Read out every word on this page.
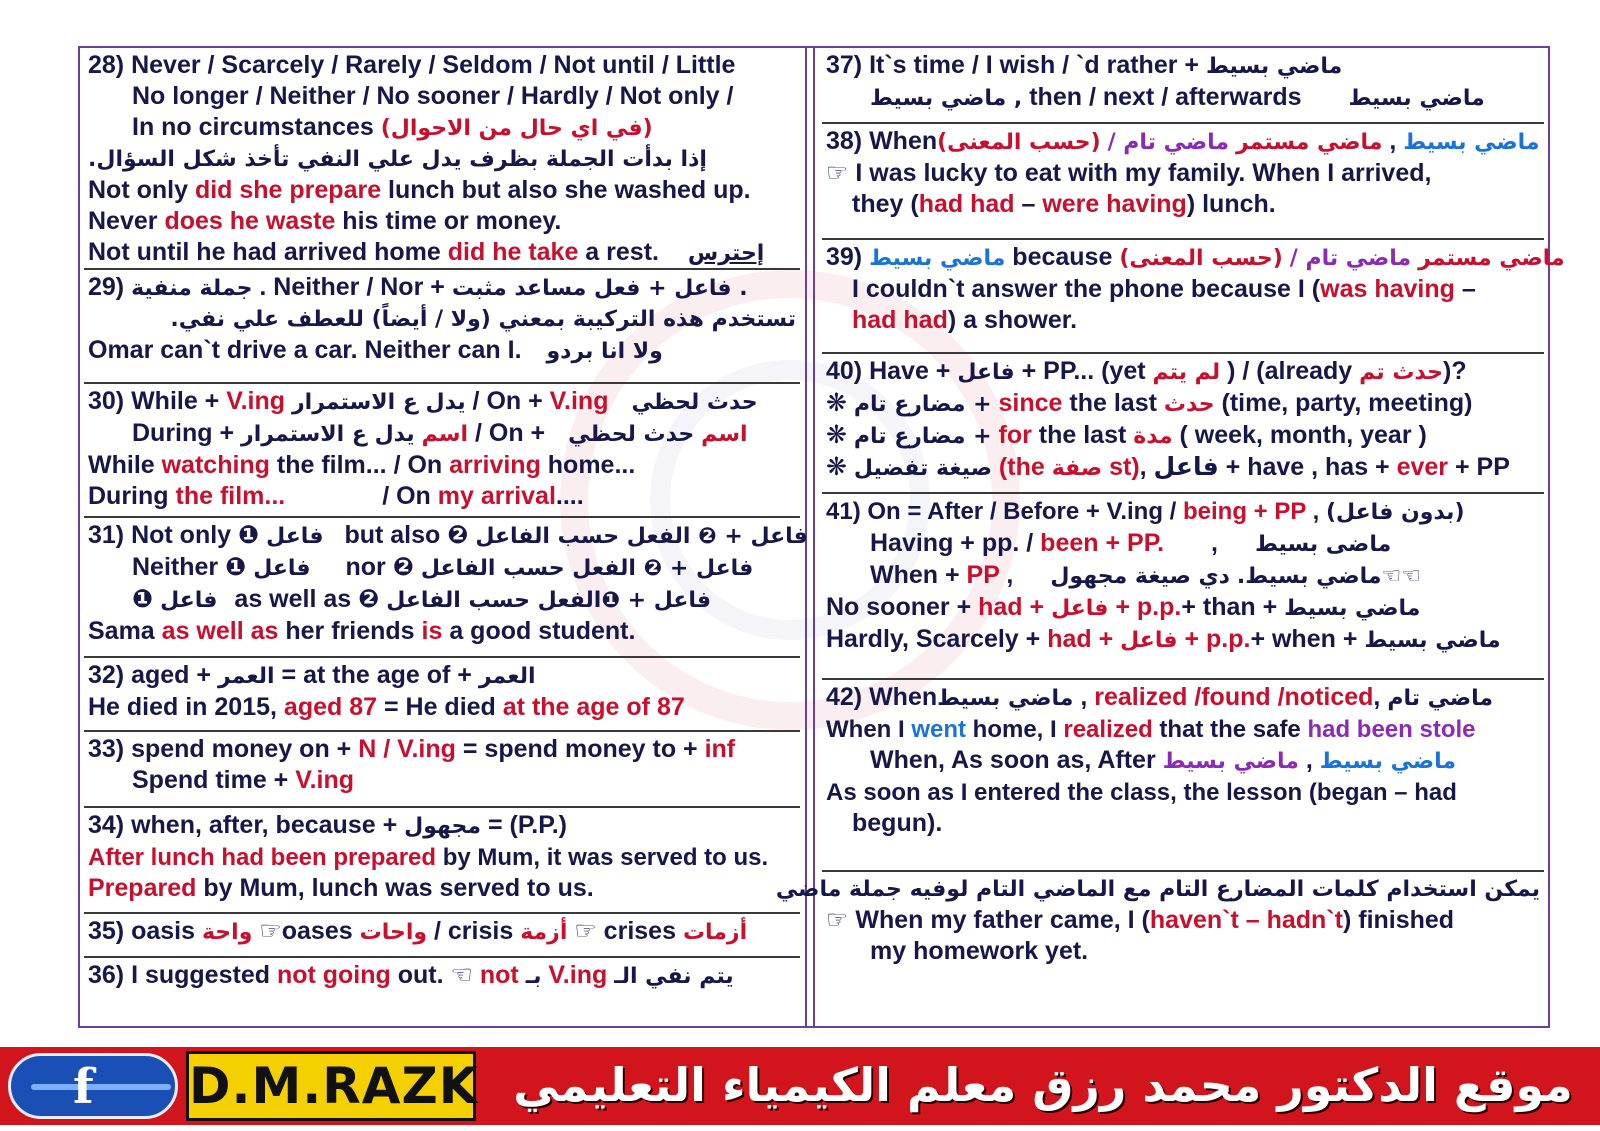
28) Never / Scarcely / Rarely / Seldom / Not until / Little
No longer / Neither / No sooner / Hardly / Not only /
In no circumstances (في اي حال من الاحوال)
إذا بدأت الجملة بظرف يدل علي النفي تأخذ شكل السؤال.
Not only did she prepare lunch but also she washed up.
Never does he waste his time or money.
Not until he had arrived home did he take a rest. إحترس
29) جملة منفية . Neither / Nor + فاعل + فعل مساعد مثبت .
تستخدم هذه التركيبة بمعني (ولا / أيضاً) للعطف علي نفي.
Omar can`t drive a car. Neither can I. ولا انا بردو
30) While + V.ing يدل ع الاستمرار / On + V.ing حدث لحظي
During +	اسم يدل ع الاستمرار / On +	اسم حدث لحظي
While watching the film... / On arriving home...
During the film...	/ On my arrival....
31) Not only ❶ فاعل but also ❷ فاعل + ❷ الفعل حسب الفاعل
Neither ❶ فاعل nor ❷ فاعل + ❷ الفعل حسب الفاعل
❶ فاعل as well as ❷ فاعل + ❶الفعل حسب الفاعل
Sama as well as her friends is a good student.
32) aged + العمر = at the age of + العمر
He died in 2015, aged 87 = He died at the age of 87
33) spend money on + N / V.ing = spend money to + inf
Spend time + V.ing
34) when, after, because + مجهول = (P.P.)
After lunch had been prepared by Mum, it was served to us.
Prepared by Mum, lunch was served to us.
35) oasis واحة ☞oases واحات / crisis أزمة ☞ crises أزمات
36) I suggested not going out. ☜ not بـ V.ing يتم نفي الـ
37) It`s time / I wish / `d rather + ماضي بسيط
ماضي بسيط , then / next / afterwards ماضي بسيط
38) When	ماضي بسيط , ماضي مستمر ماضي تام / (حسب المعنى)
☞ I was lucky to eat with my family. When I arrived,
they (had had – were having) lunch.
39) ماضي بسيط because	ماضي مستمر ماضي تام / (حسب المعنى)
I couldn`t answer the phone because I (was having –
had had) a shower.
40) Have + فاعل + PP... (yet لم يتم ) / (already حدث تم)?
❋ مضارع تام + since the last حدث (time, party, meeting)
❋ مضارع تام + for the last مدة ( week, month, year )
❋ صيغة تفضيل (the صفة st), فاعل + have , has + ever + PP
41) On = After / Before + V.ing / being + PP , (بدون فاعل)
Having + pp. / been + PP. , ماضى بسيط
When + PP ,	ماضي بسيط. دي صيغة مجهول☜☜
No sooner + had + فاعل + p.p.+ than + ماضي بسيط
Hardly, Scarcely + had + فاعل + p.p.+ when + ماضي بسيط
42) Whenماضي بسيط , realized /found /noticed, ماضي تام
When I went home, I realized that the safe had been stole
When, As soon as, After	ماضي بسيط , ماضي بسيط
As soon as I entered the class, the lesson (began – had
begun).
يمكن استخدام كلمات المضارع التام مع الماضي التام لوفيه جملة ماضي
☞ When my father came, I (haven`t – hadn`t) finished
my homework yet.
f D.M.RAZK موقع الدكتور محمد رزق معلم الكيمياء التعليمي
